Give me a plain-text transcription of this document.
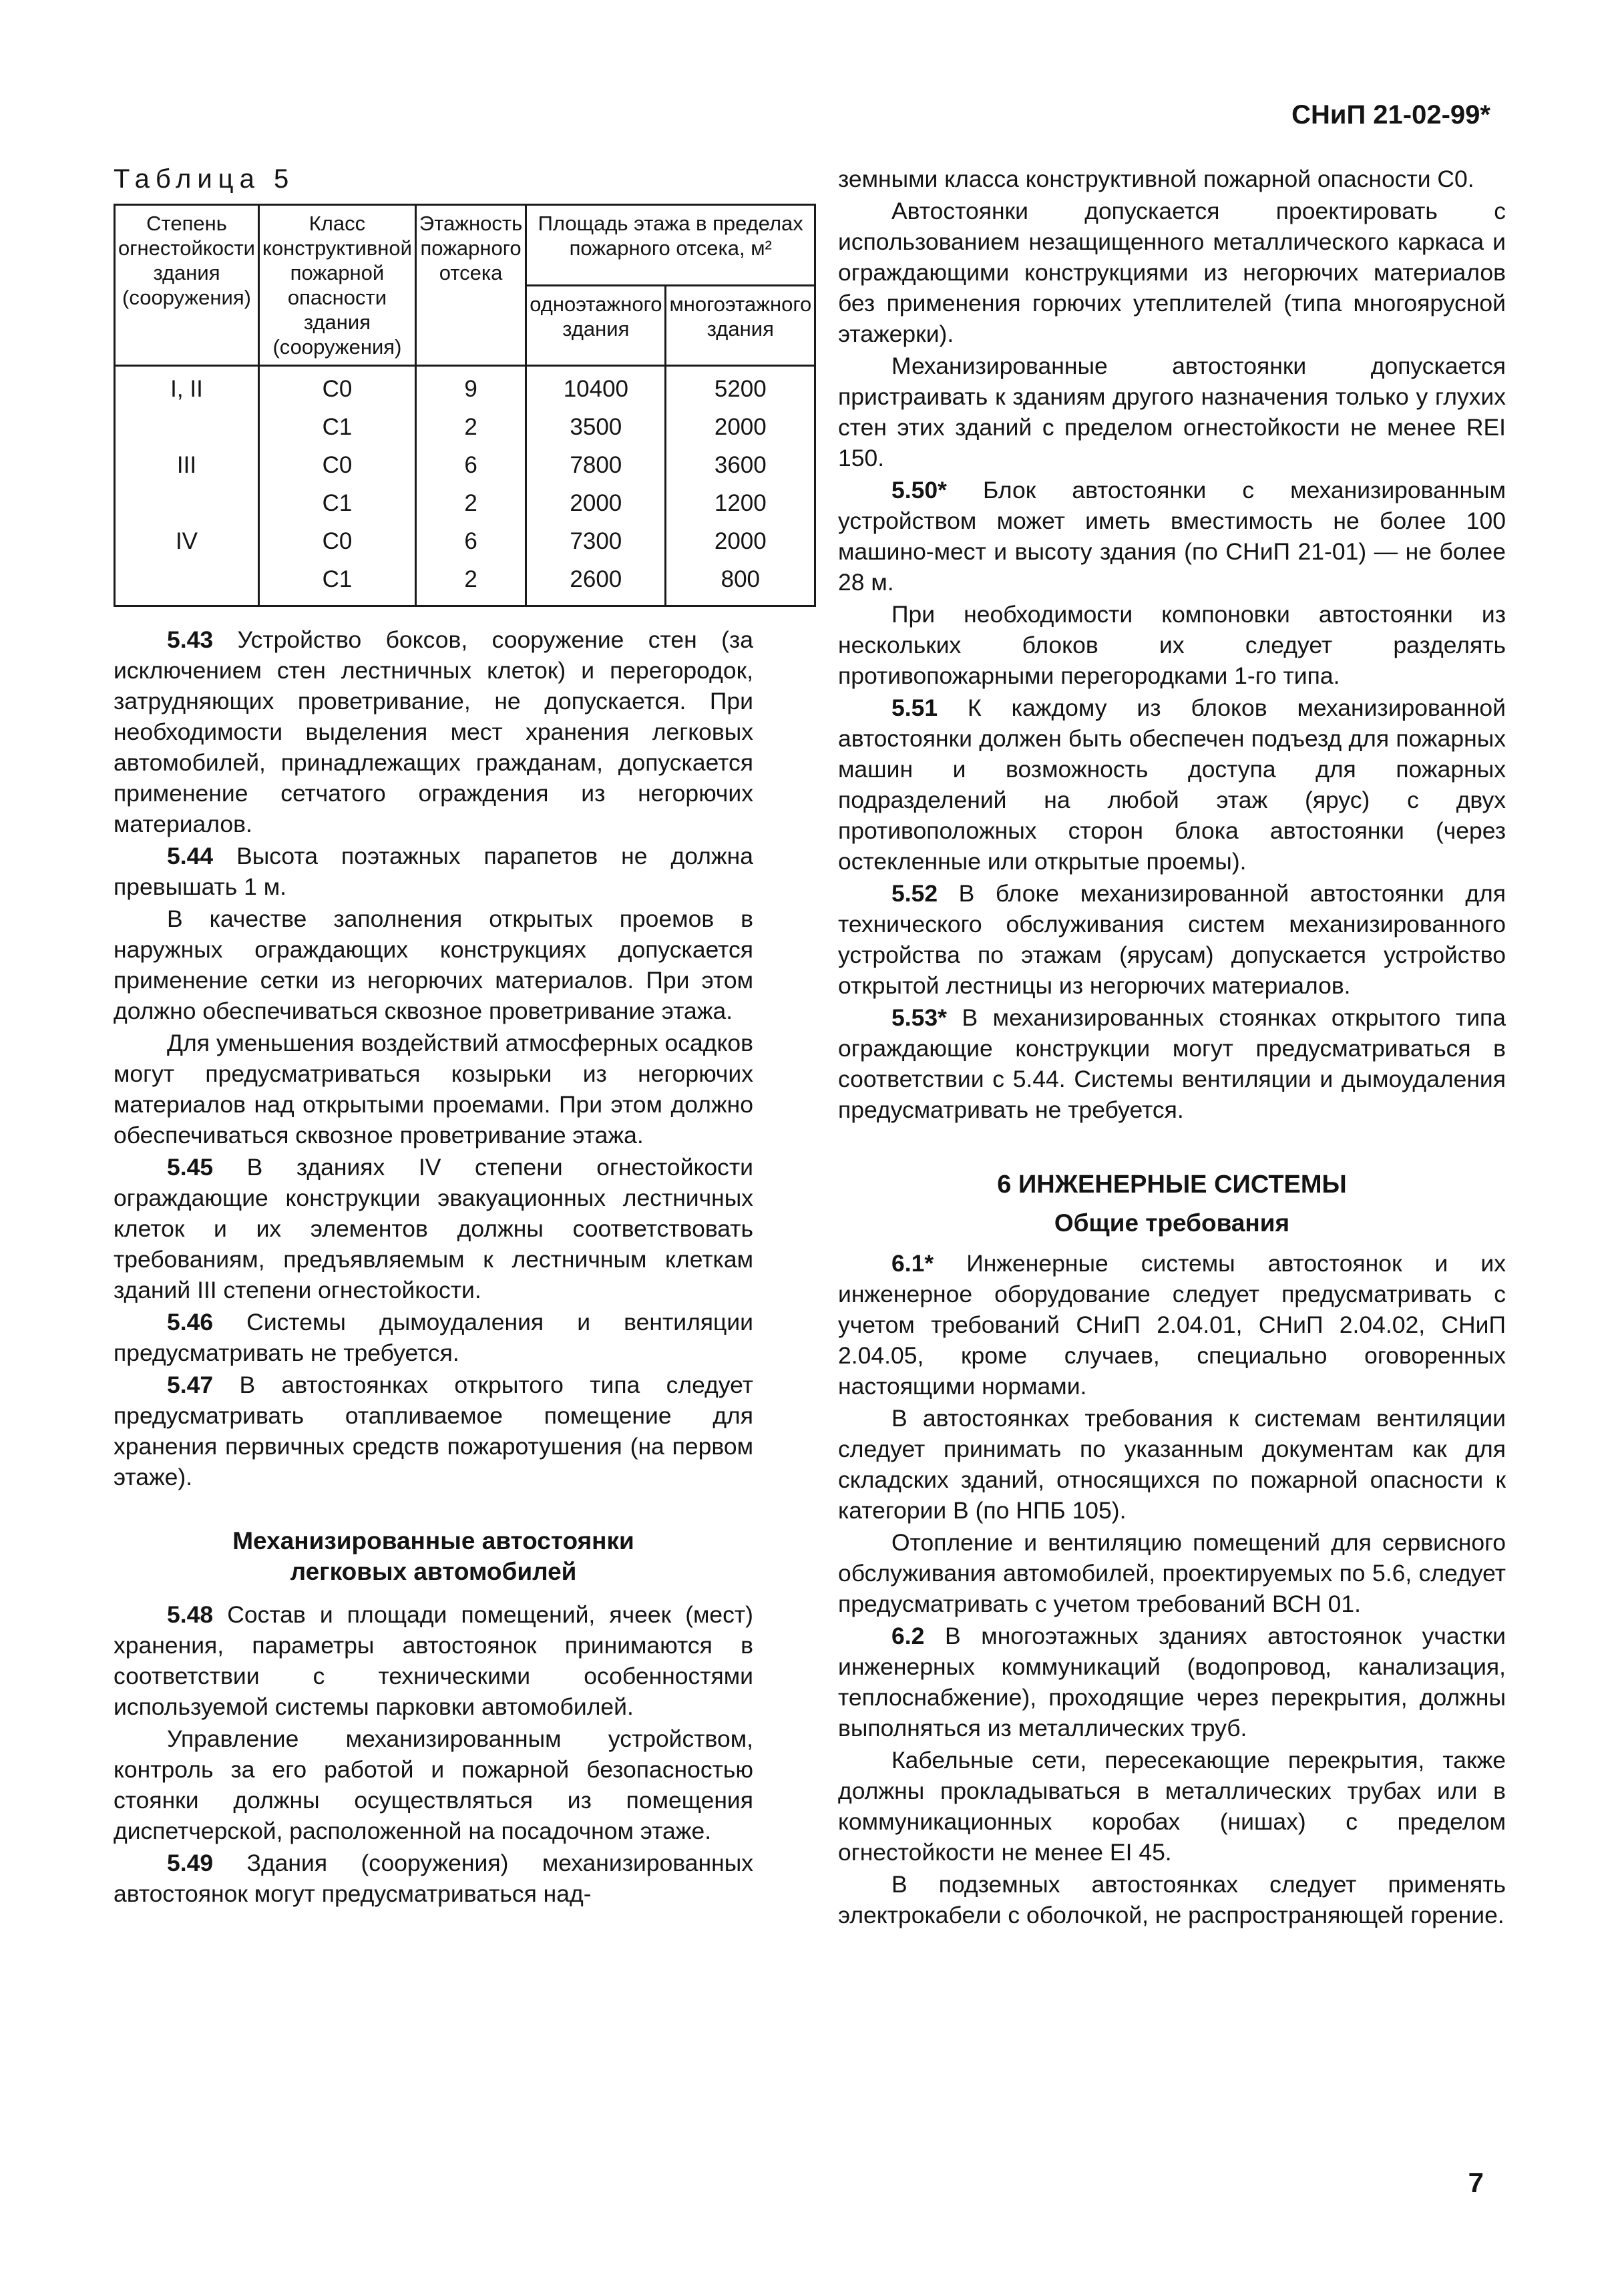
СНиП 21-02-99*
Таблица 5
Степень огнестойкости здания (сооружения)	Класс конструктивной пожарной опасности здания (сооружения)	Этажность пожарного отсека	Площадь этажа в пределах пожарного отсека, м²	
			одноэтажного здания	многоэтажного здания
I, II	С0	9	10400	5200
	С1	2	3500	2000
III	С0	6	7800	3600
	С1	2	2000	1200
IV	С0	6	7300	2000
	С1	2	2600	800

5.43 Устройство боксов, сооружение стен (за исключением стен лестничных клеток) и перегородок, затрудняющих проветривание, не допускается. При необходимости выделения мест хранения легковых автомобилей, принадлежащих гражданам, допускается применение сетчатого ограждения из негорючих материалов.

5.44 Высота поэтажных парапетов не должна превышать 1 м.

В качестве заполнения открытых проемов в наружных ограждающих конструкциях допускается применение сетки из негорючих материалов. При этом должно обеспечиваться сквозное проветривание этажа.

Для уменьшения воздействий атмосферных осадков могут предусматриваться козырьки из негорючих материалов над открытыми проемами. При этом должно обеспечиваться сквозное проветривание этажа.

5.45 В зданиях IV степени огнестойкости ограждающие конструкции эвакуационных лестничных клеток и их элементов должны соответствовать требованиям, предъявляемым к лестничным клеткам зданий III степени огнестойкости.

5.46 Системы дымоудаления и вентиляции предусматривать не требуется.

5.47 В автостоянках открытого типа следует предусматривать отапливаемое помещение для хранения первичных средств пожаротушения (на первом этаже).

Механизированные автостоянки
легковых автомобилей

5.48 Состав и площади помещений, ячеек (мест) хранения, параметры автостоянок принимаются в соответствии с техническими особенностями используемой системы парковки автомобилей.

Управление механизированным устройством, контроль за его работой и пожарной безопасностью стоянки должны осуществляться из помещения диспетчерской, расположенной на посадочном этаже.

5.49 Здания (сооружения) механизированных автостоянок могут предусматриваться над-

земными класса конструктивной пожарной опасности С0.

Автостоянки допускается проектировать с использованием незащищенного металлического каркаса и ограждающими конструкциями из негорючих материалов без применения горючих утеплителей (типа многоярусной этажерки).

Механизированные автостоянки допускается пристраивать к зданиям другого назначения только у глухих стен этих зданий с пределом огнестойкости не менее REI 150.

5.50* Блок автостоянки с механизированным устройством может иметь вместимость не более 100 машино-мест и высоту здания (по СНиП 21-01) — не более 28 м.

При необходимости компоновки автостоянки из нескольких блоков их следует разделять противопожарными перегородками 1-го типа.

5.51 К каждому из блоков механизированной автостоянки должен быть обеспечен подъезд для пожарных машин и возможность доступа для пожарных подразделений на любой этаж (ярус) с двух противоположных сторон блока автостоянки (через остекленные или открытые проемы).

5.52 В блоке механизированной автостоянки для технического обслуживания систем механизированного устройства по этажам (ярусам) допускается устройство открытой лестницы из негорючих материалов.

5.53* В механизированных стоянках открытого типа ограждающие конструкции могут предусматриваться в соответствии с 5.44. Системы вентиляции и дымоудаления предусматривать не требуется.

6 ИНЖЕНЕРНЫЕ СИСТЕМЫ
Общие требования

6.1* Инженерные системы автостоянок и их инженерное оборудование следует предусматривать с учетом требований СНиП 2.04.01, СНиП 2.04.02, СНиП 2.04.05, кроме случаев, специально оговоренных настоящими нормами.

В автостоянках требования к системам вентиляции следует принимать по указанным документам как для складских зданий, относящихся по пожарной опасности к категории В (по НПБ 105).

Отопление и вентиляцию помещений для сервисного обслуживания автомобилей, проектируемых по 5.6, следует предусматривать с учетом требований ВСН 01.

6.2 В многоэтажных зданиях автостоянок участки инженерных коммуникаций (водопровод, канализация, теплоснабжение), проходящие через перекрытия, должны выполняться из металлических труб.

Кабельные сети, пересекающие перекрытия, также должны прокладываться в металлических трубах или в коммуникационных коробах (нишах) с пределом огнестойкости не менее EI 45.

В подземных автостоянках следует применять электрокабели с оболочкой, не распространяющей горение.

7
